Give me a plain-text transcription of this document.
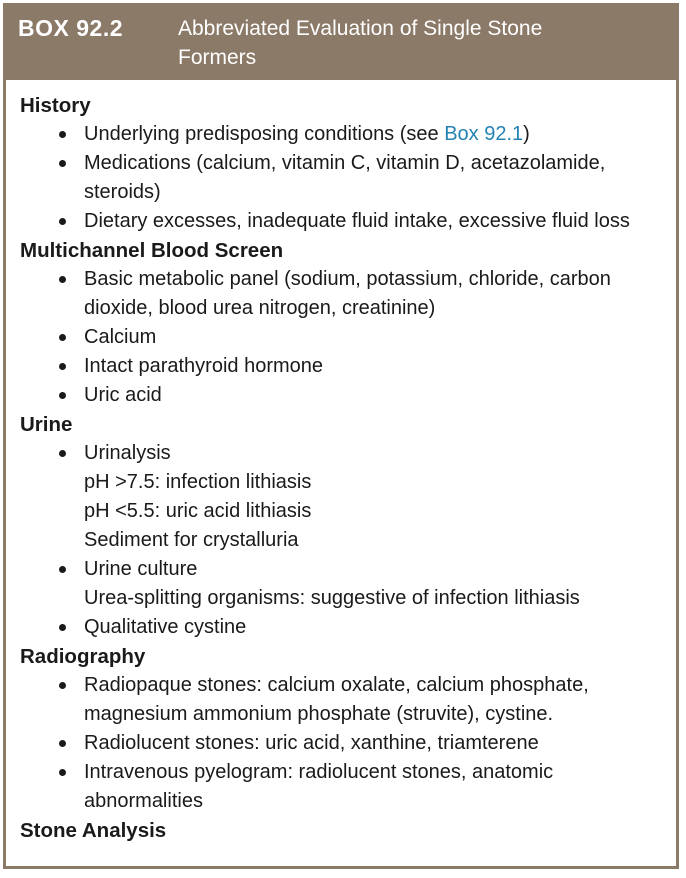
BOX 92.2	Abbreviated Evaluation of Single Stone Formers
History
Underlying predisposing conditions (see Box 92.1)
Medications (calcium, vitamin C, vitamin D, acetazolamide, steroids)
Dietary excesses, inadequate fluid intake, excessive fluid loss
Multichannel Blood Screen
Basic metabolic panel (sodium, potassium, chloride, carbon dioxide, blood urea nitrogen, creatinine)
Calcium
Intact parathyroid hormone
Uric acid
Urine
Urinalysis
pH >7.5: infection lithiasis
pH <5.5: uric acid lithiasis
Sediment for crystalluria
Urine culture
Urea-splitting organisms: suggestive of infection lithiasis
Qualitative cystine
Radiography
Radiopaque stones: calcium oxalate, calcium phosphate, magnesium ammonium phosphate (struvite), cystine.
Radiolucent stones: uric acid, xanthine, triamterene
Intravenous pyelogram: radiolucent stones, anatomic abnormalities
Stone Analysis
